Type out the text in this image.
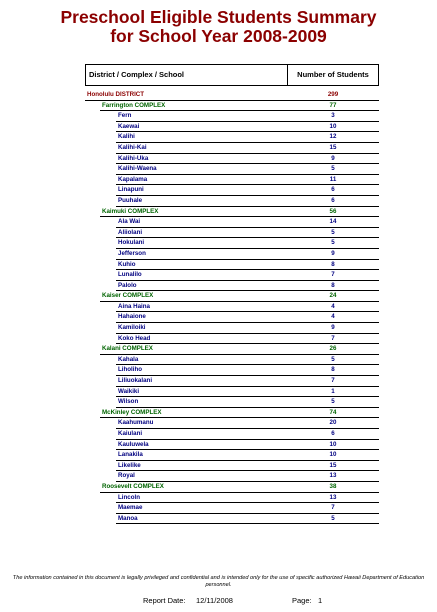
Preschool Eligible Students Summary
for School Year 2008-2009
District / Complex / School	Number of Students
Honolulu DISTRICT	299
Farrington COMPLEX	77
Fern	3
Kaewai	10
Kalihi	12
Kalihi-Kai	15
Kalihi-Uka	9
Kalihi-Waena	5
Kapalama	11
Linapuni	6
Puuhale	6
Kaimuki COMPLEX	56
Ala Wai	14
Aliiolani	5
Hokulani	5
Jefferson	9
Kuhio	8
Lunalilo	7
Palolo	8
Kaiser COMPLEX	24
Aina Haina	4
Hahaione	4
Kamiloiki	9
Koko Head	7
Kalani COMPLEX	26
Kahala	5
Liholiho	8
Liliuokalani	7
Waikiki	1
Wilson	5
McKinley COMPLEX	74
Kaahumanu	20
Kaiulani	6
Kauluwela	10
Lanakila	10
Likelike	15
Royal	13
Roosevelt COMPLEX	38
Lincoln	13
Maemae	7
Manoa	5
The information contained in this document is legally privileged and confidential and is intended only for the use of specific authorized Hawaii Department of Education personnel.
Report Date: 12/11/2008	Page: 1
